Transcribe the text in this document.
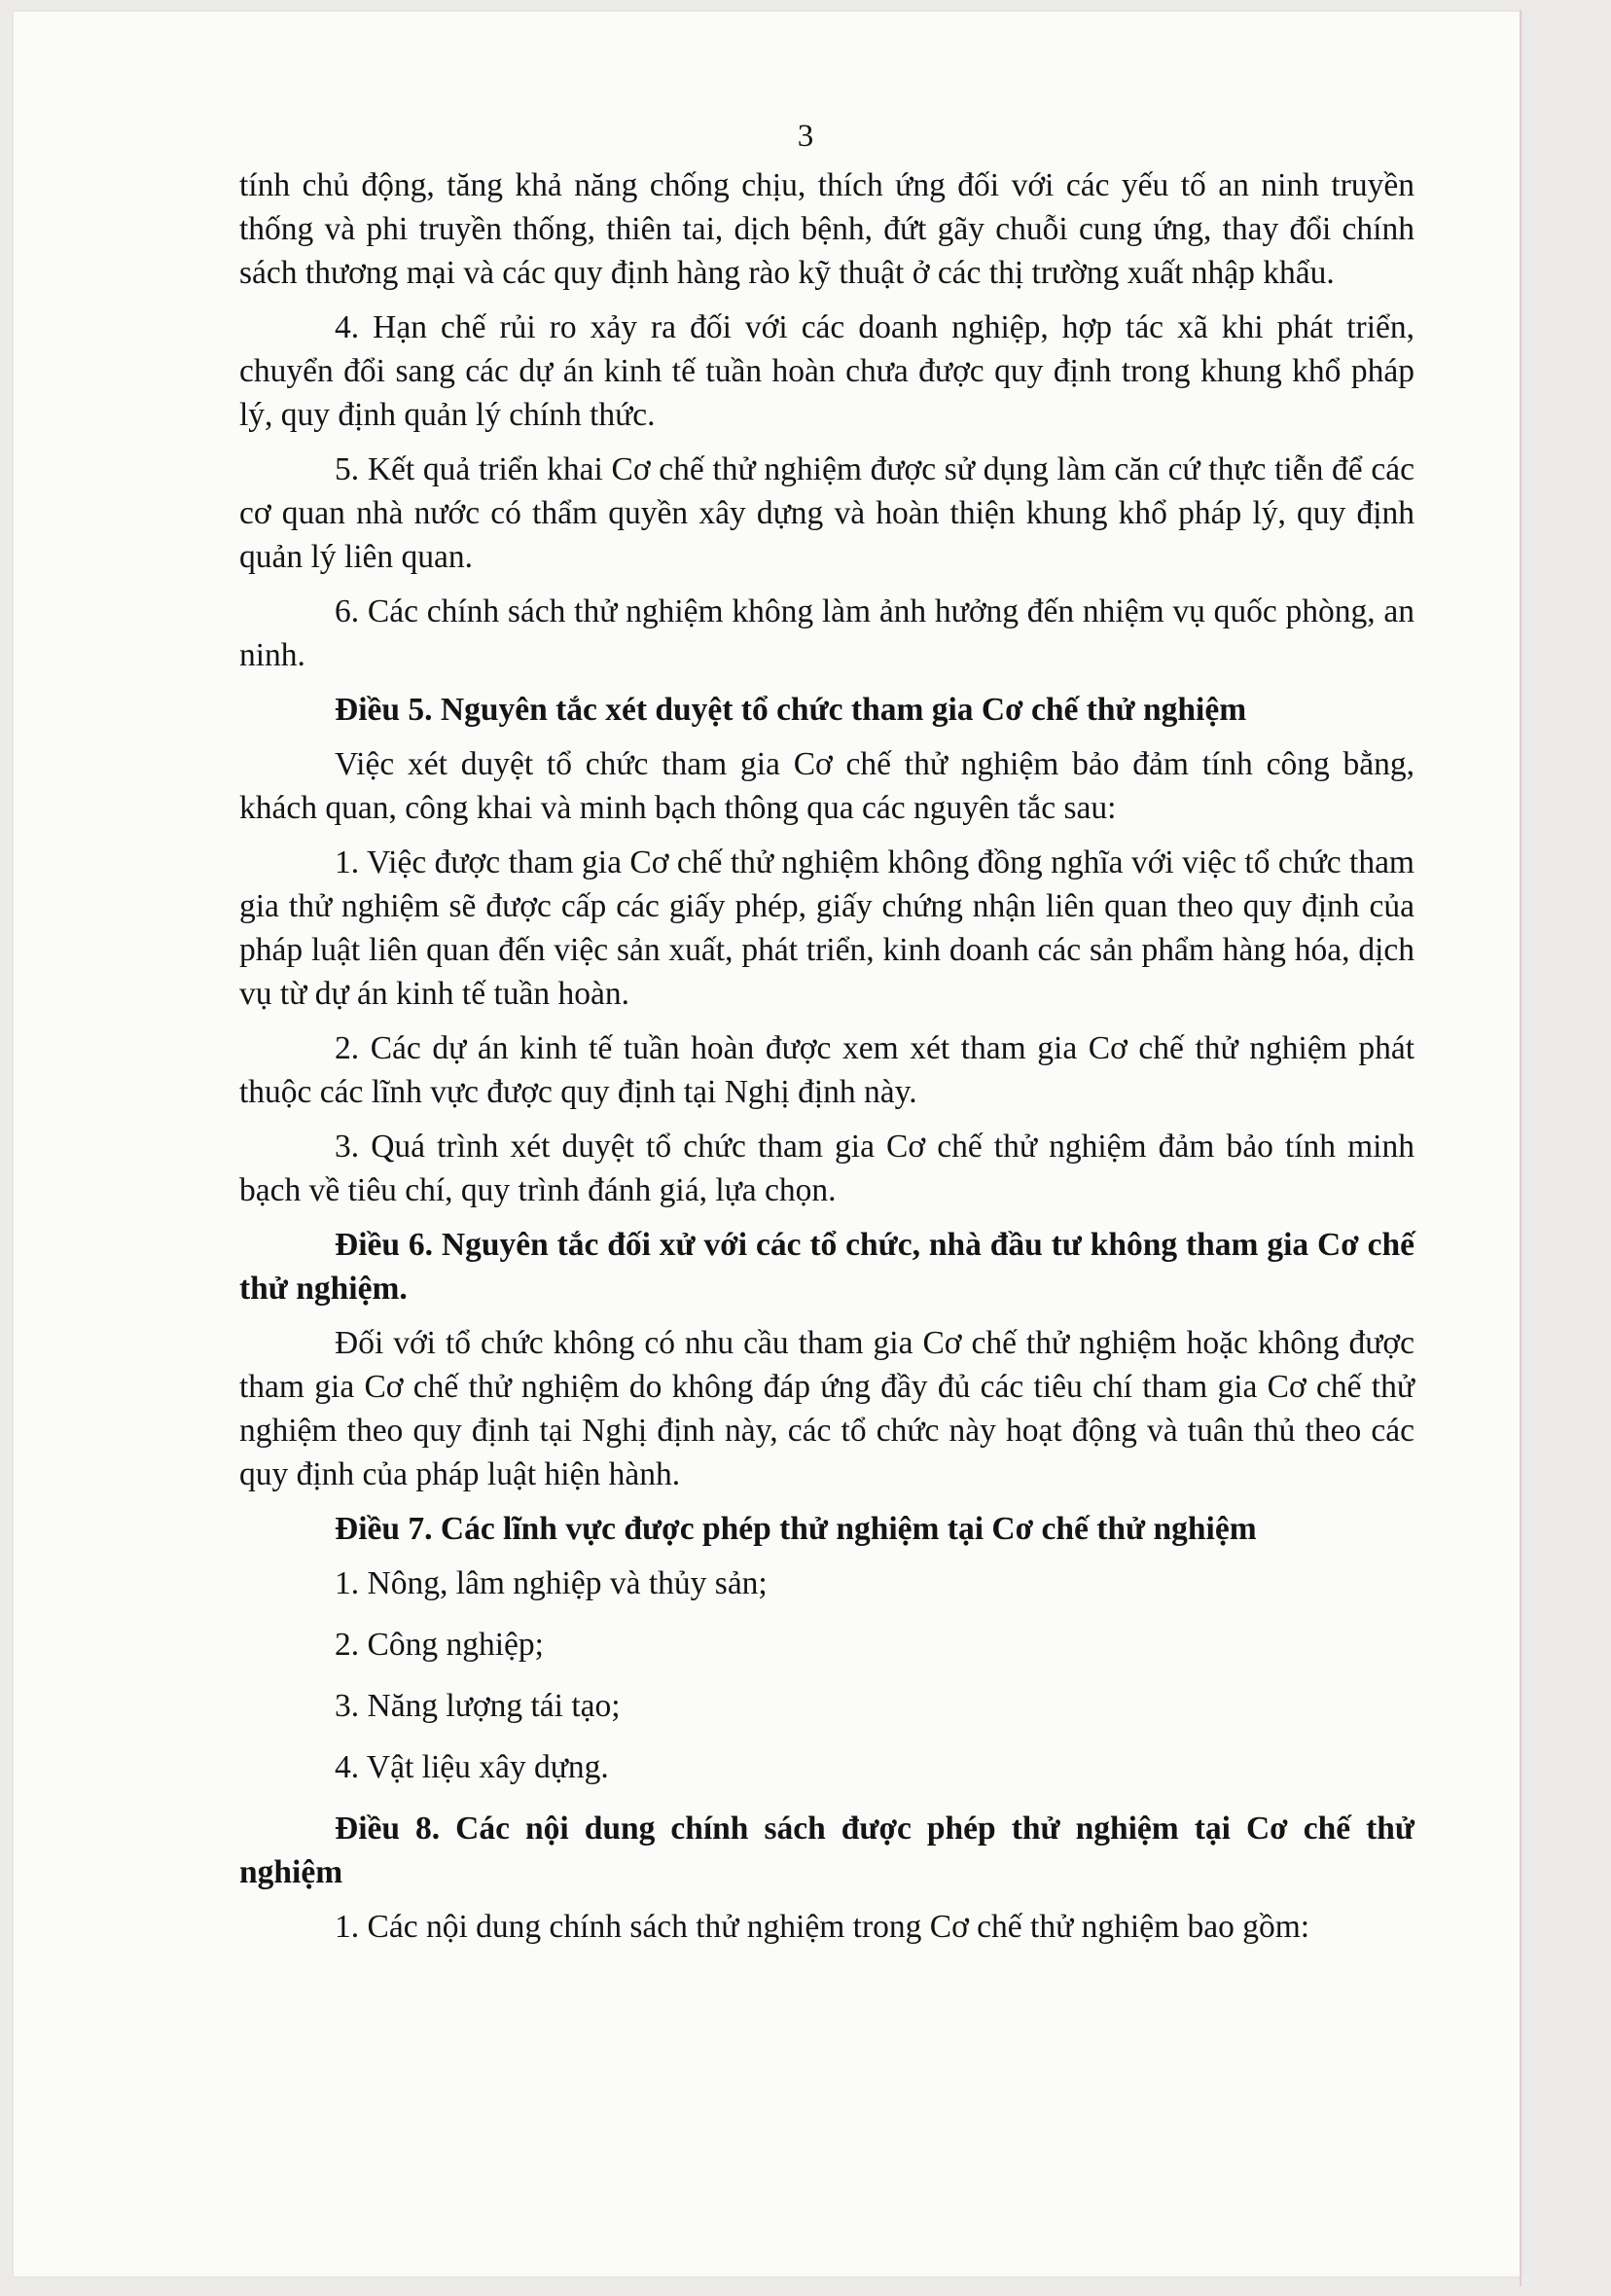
3

tính chủ động, tăng khả năng chống chịu, thích ứng đối với các yếu tố an ninh truyền thống và phi truyền thống, thiên tai, dịch bệnh, đứt gãy chuỗi cung ứng, thay đổi chính sách thương mại và các quy định hàng rào kỹ thuật ở các thị trường xuất nhập khẩu.

4. Hạn chế rủi ro xảy ra đối với các doanh nghiệp, hợp tác xã khi phát triển, chuyển đổi sang các dự án kinh tế tuần hoàn chưa được quy định trong khung khổ pháp lý, quy định quản lý chính thức.

5. Kết quả triển khai Cơ chế thử nghiệm được sử dụng làm căn cứ thực tiễn để các cơ quan nhà nước có thẩm quyền xây dựng và hoàn thiện khung khổ pháp lý, quy định quản lý liên quan.

6. Các chính sách thử nghiệm không làm ảnh hưởng đến nhiệm vụ quốc phòng, an ninh.

Điều 5. Nguyên tắc xét duyệt tổ chức tham gia Cơ chế thử nghiệm

Việc xét duyệt tổ chức tham gia Cơ chế thử nghiệm bảo đảm tính công bằng, khách quan, công khai và minh bạch thông qua các nguyên tắc sau:

1. Việc được tham gia Cơ chế thử nghiệm không đồng nghĩa với việc tổ chức tham gia thử nghiệm sẽ được cấp các giấy phép, giấy chứng nhận liên quan theo quy định của pháp luật liên quan đến việc sản xuất, phát triển, kinh doanh các sản phẩm hàng hóa, dịch vụ từ dự án kinh tế tuần hoàn.

2. Các dự án kinh tế tuần hoàn được xem xét tham gia Cơ chế thử nghiệm phát thuộc các lĩnh vực được quy định tại Nghị định này.

3. Quá trình xét duyệt tổ chức tham gia Cơ chế thử nghiệm đảm bảo tính minh bạch về tiêu chí, quy trình đánh giá, lựa chọn.

Điều 6. Nguyên tắc đối xử với các tổ chức, nhà đầu tư không tham gia Cơ chế thử nghiệm.

Đối với tổ chức không có nhu cầu tham gia Cơ chế thử nghiệm hoặc không được tham gia Cơ chế thử nghiệm do không đáp ứng đầy đủ các tiêu chí tham gia Cơ chế thử nghiệm theo quy định tại Nghị định này, các tổ chức này hoạt động và tuân thủ theo các quy định của pháp luật hiện hành.

Điều 7. Các lĩnh vực được phép thử nghiệm tại Cơ chế thử nghiệm

1. Nông, lâm nghiệp và thủy sản;

2. Công nghiệp;

3. Năng lượng tái tạo;

4. Vật liệu xây dựng.

Điều 8. Các nội dung chính sách được phép thử nghiệm tại Cơ chế thử nghiệm

1. Các nội dung chính sách thử nghiệm trong Cơ chế thử nghiệm bao gồm:
